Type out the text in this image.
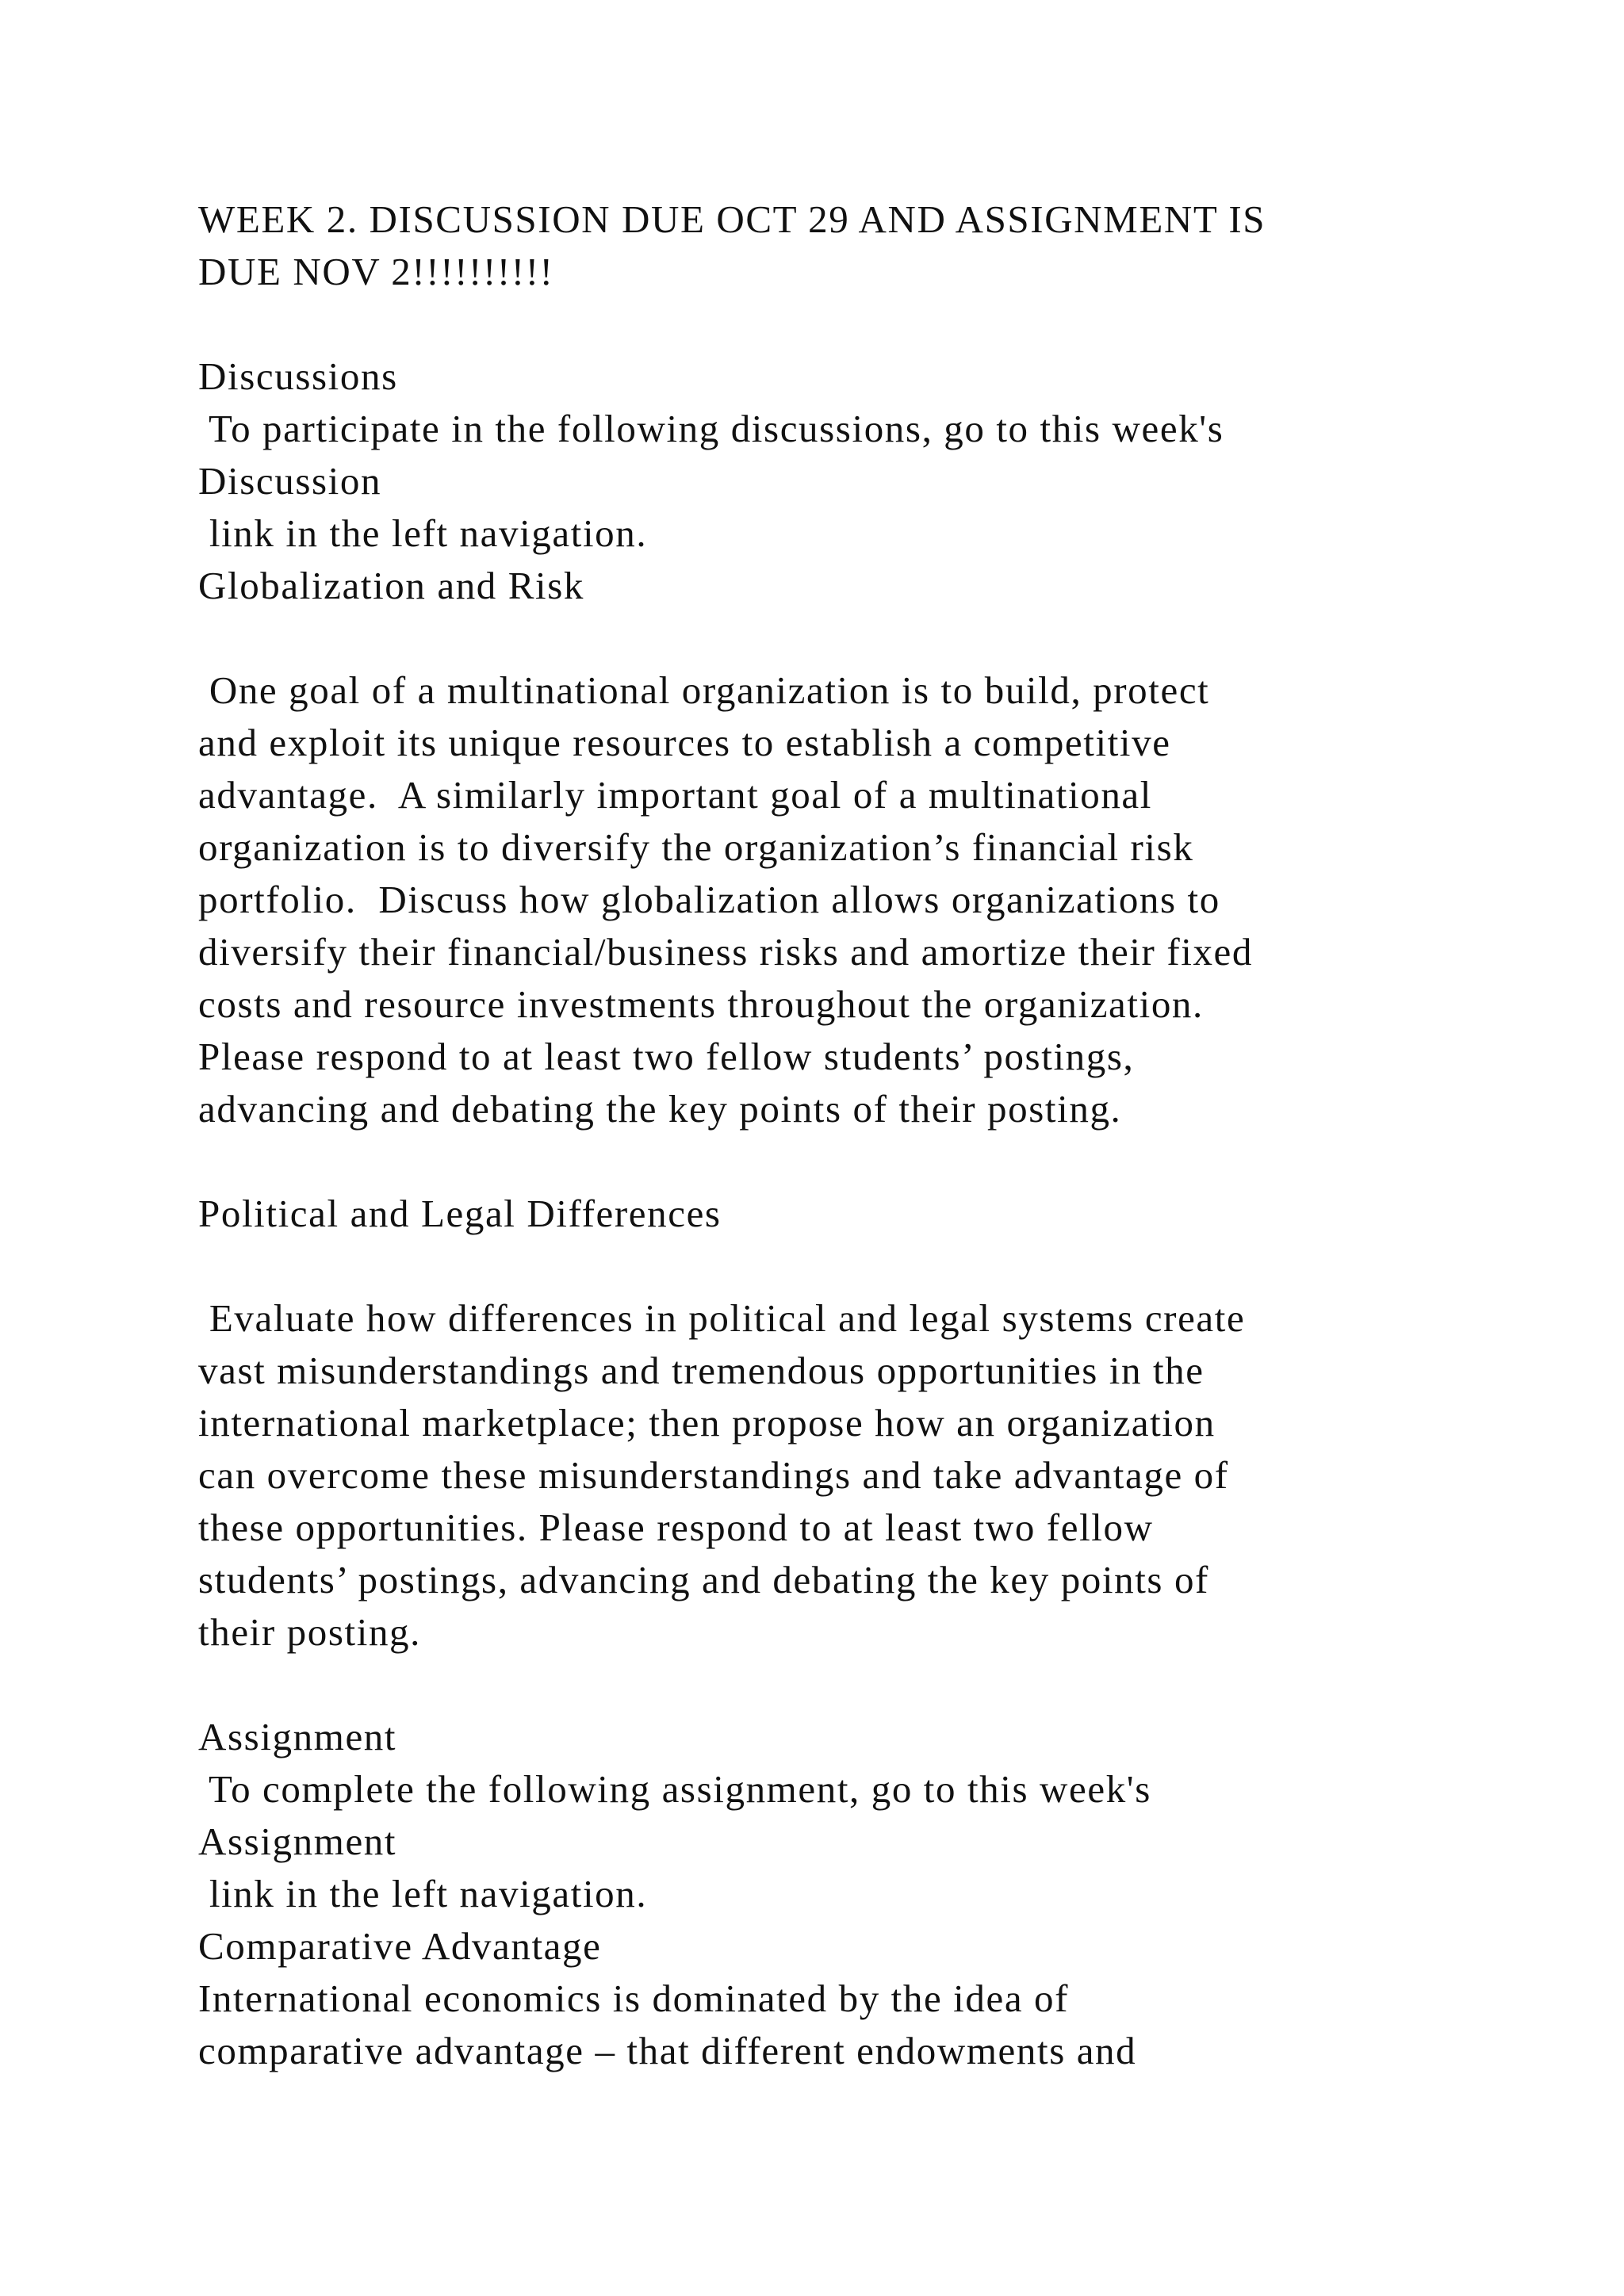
WEEK 2. DISCUSSION DUE OCT 29 AND ASSIGNMENT IS
DUE NOV 2!!!!!!!!!!
Discussions
To participate in the following discussions, go to this week's
Discussion
link in the left navigation.
Globalization and Risk
One goal of a multinational organization is to build, protect
and exploit its unique resources to establish a competitive
advantage.  A similarly important goal of a multinational
organization is to diversify the organization’s financial risk
portfolio.  Discuss how globalization allows organizations to
diversify their financial/business risks and amortize their fixed
costs and resource investments throughout the organization.
Please respond to at least two fellow students’ postings,
advancing and debating the key points of their posting.
Political and Legal Differences
Evaluate how differences in political and legal systems create
vast misunderstandings and tremendous opportunities in the
international marketplace; then propose how an organization
can overcome these misunderstandings and take advantage of
these opportunities. Please respond to at least two fellow
students’ postings, advancing and debating the key points of
their posting.
Assignment
To complete the following assignment, go to this week's
Assignment
link in the left navigation.
Comparative Advantage
International economics is dominated by the idea of
comparative advantage – that different endowments and
